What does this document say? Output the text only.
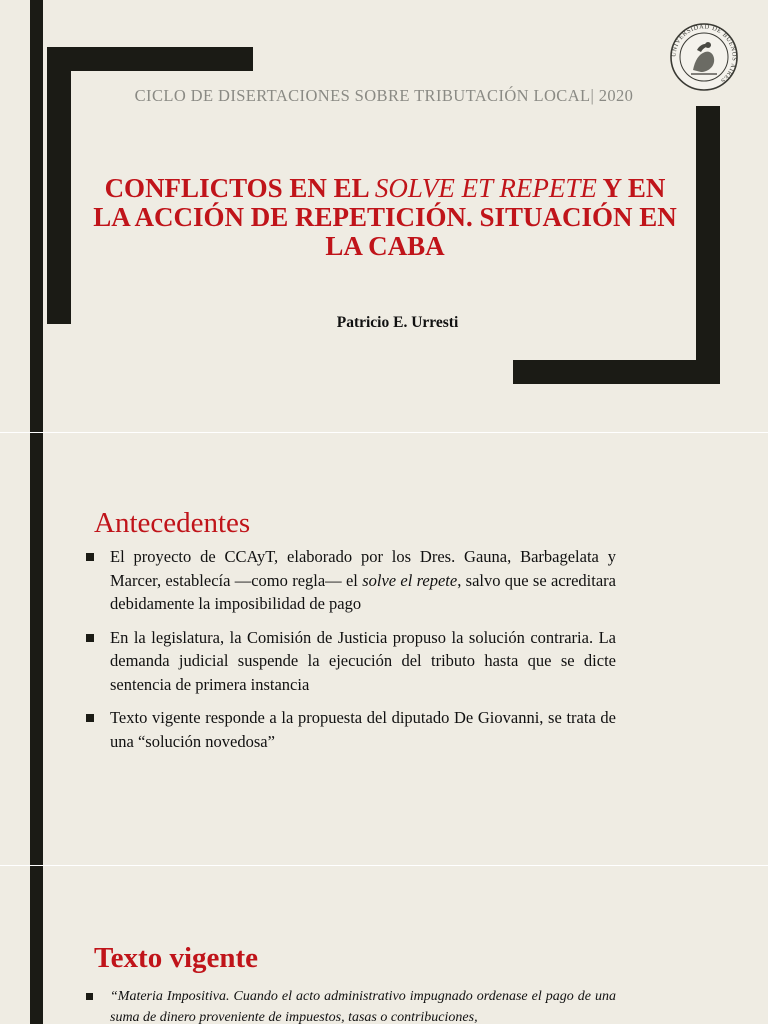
UNIVERSIDAD DE BUENOS AIRES
CICLO DE DISERTACIONES SOBRE TRIBUTACIÓN LOCAL| 2020
CONFLICTOS EN EL SOLVE ET REPETE Y EN LA ACCIÓN DE REPETICIÓN. SITUACIÓN EN LA CABA
Patricio E. Urresti
Antecedentes
El proyecto de CCAyT, elaborado por los Dres. Gauna, Barbagelata y Marcer, establecía —como regla— el solve el repete, salvo que se acreditara debidamente la imposibilidad de pago
En la legislatura, la Comisión de Justicia propuso la solución contraria. La demanda judicial suspende la ejecución del tributo hasta que se dicte sentencia de primera instancia
Texto vigente responde a la propuesta del diputado De Giovanni, se trata de una “solución novedosa”
Texto vigente
“Materia Impositiva. Cuando el acto administrativo impugnado ordenase el pago de una suma de dinero proveniente de impuestos, tasas o contribuciones,
